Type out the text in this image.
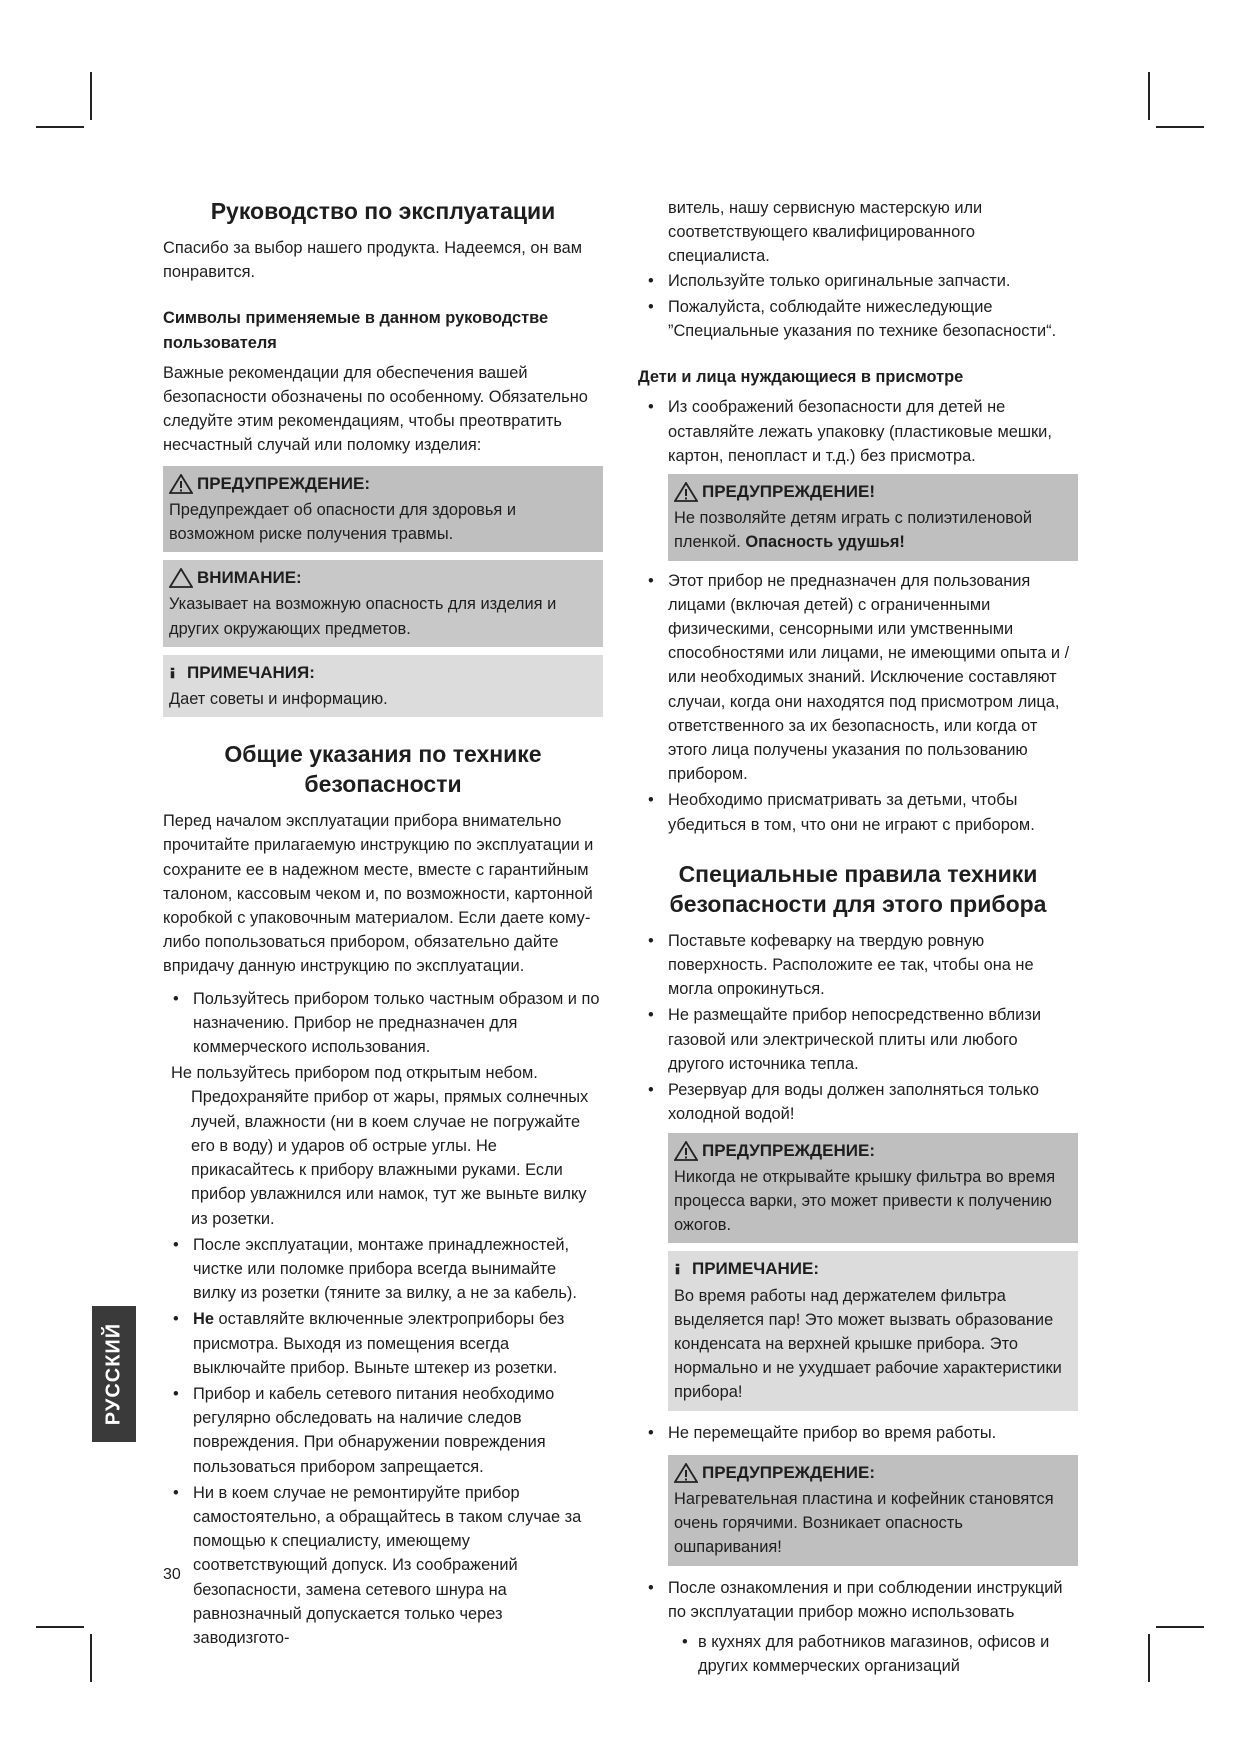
Руководство по эксплуатации

Спасибо за выбор нашего продукта. Надеемся, он вам понравится.

Символы применяемые в данном руководстве пользователя

Важные рекомендации для обеспечения вашей безопасности обозначены по особенному. Обязательно следуйте этим рекомендациям, чтобы преотвратить несчастный случай или поломку изделия:

ПРЕДУПРЕЖДЕНИЕ:

Предупреждает об опасности для здоровья и возможном риске получения травмы.

ВНИМАНИЕ:

Указывает на возможную опасность для изделия и других окружающих предметов.

ПРИМЕЧАНИЯ:

Дает советы и информацию.

Общие указания по технике безопасности

Перед началом эксплуатации прибора внимательно прочитайте прилагаемую инструкцию по эксплуатации и сохраните ее в надежном месте, вместе с гарантийным талоном, кассовым чеком и, по возможности, картонной коробкой с упаковочным материалом. Если даете кому-либо попользоваться прибором, обязательно дайте впридачу данную инструкцию по эксплуатации.

• Пользуйтесь прибором только частным образом и по назначению. Прибор не предназначен для коммерческого использования.
Не пользуйтесь прибором под открытым небом. Предохраняйте прибор от жары, прямых солнечных лучей, влажности (ни в коем случае не погружайте его в воду) и ударов об острые углы. Не прикасайтесь к прибору влажными руками. Если прибор увлажнился или намок, тут же выньте вилку из розетки.
• После эксплуатации, монтаже принадлежностей, чистке или поломке прибора всегда вынимайте вилку из розетки (тяните за вилку, а не за кабель).
• Не оставляйте включенные электроприборы без присмотра. Выходя из помещения всегда выключайте прибор. Выньте штекер из розетки.
• Прибор и кабель сетевого питания необходимо регулярно обследовать на наличие следов повреждения. При обнаружении повреждения пользоваться прибором запрещается.
• Ни в коем случае не ремонтируйте прибор самостоятельно, а обращайтесь в таком случае за помощью к специалисту, имеющему соответствующий допуск. Из соображений безопасности, замена сетевого шнура на равнозначный допускается только через заводизгото-

витель, нашу сервисную мастерскую или соответствующего квалифицированного специалиста.

• Используйте только оригинальные запчасти.
• Пожалуйста, соблюдайте нижеследующие ”Специальные указания по технике безопасности“.
Дети и лица нуждающиеся в присмотре
• Из соображений безопасности для детей не оставляйте лежать упаковку (пластиковые мешки, картон, пенопласт и т.д.) без присмотра.
ПРЕДУПРЕЖДЕНИЕ!

Не позволяйте детям играть с полиэтиленовой пленкой. Опасность удушья!

• Этот прибор не предназначен для пользования лицами (включая детей) с ограниченными физическими, сенсорными или умственными способностями или лицами, не имеющими опыта и /или необходимых знаний. Исключение составляют случаи, когда они находятся под присмотром лица, ответственного за их безопасность, или когда от этого лица получены указания по пользованию прибором.
• Необходимо присматривать за детьми, чтобы убедиться в том, что они не играют с прибором.
Специальные правила техники безопасности для этого прибора
• Поставьте кофеварку на твердую ровную поверхность. Расположите ее так, чтобы она не могла опрокинуться.
• Не размещайте прибор непосредственно вблизи газовой или электрической плиты или любого другого источника тепла.
• Резервуар для воды должен заполняться только холодной водой!
ПРЕДУПРЕЖДЕНИЕ:

Никогда не открывайте крышку фильтра во время процесса варки, это может привести к получению ожогов.

ПРИМЕЧАНИЕ:

Во время работы над держателем фильтра выделяется пар! Это может вызвать образование конденсата на верхней крышке прибора. Это нормально и не ухудшает рабочие характеристики прибора!

• Не перемещайте прибор во время работы.
ПРЕДУПРЕЖДЕНИЕ:

Нагревательная пластина и кофейник становятся очень горячими. Возникает опасность ошпаривания!

• После ознакомления и при соблюдении инструкций по эксплуатации прибор можно использовать
• в кухнях для работников магазинов, офисов и других коммерческих организаций
РУССКИЙ
30
